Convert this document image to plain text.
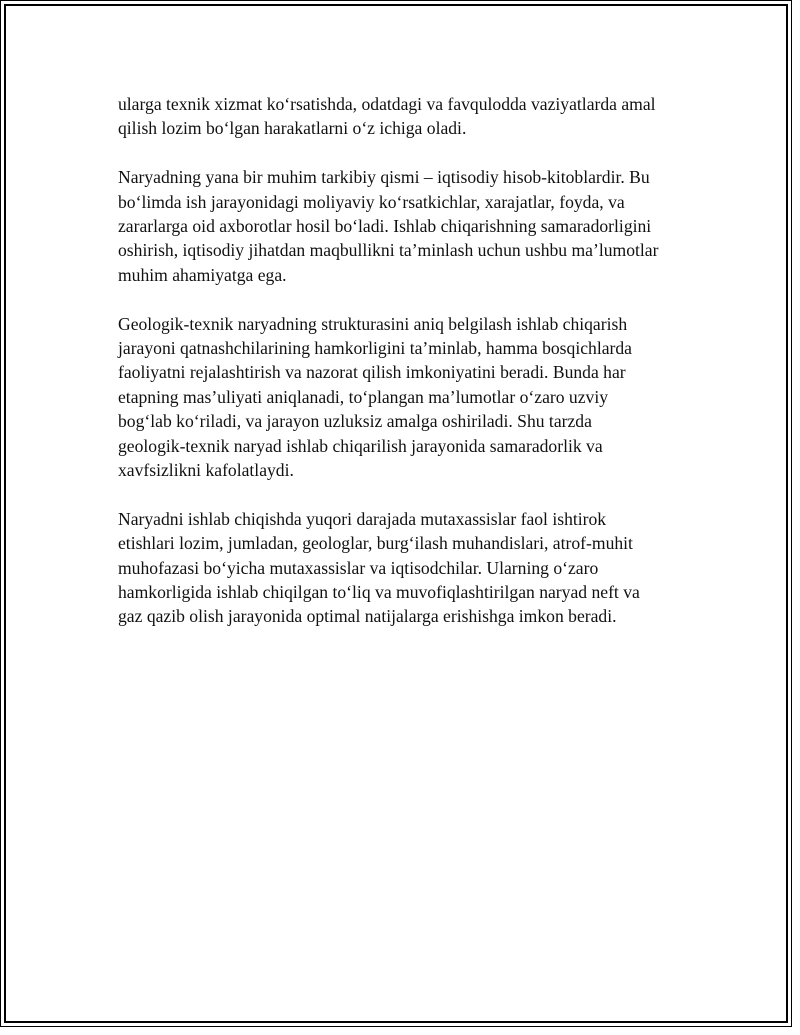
ularga texnik xizmat ko‘rsatishda, odatdagi va favqulodda vaziyatlarda amal
qilish lozim bo‘lgan harakatlarni o‘z ichiga oladi.

Naryadning yana bir muhim tarkibiy qismi – iqtisodiy hisob-kitoblardir. Bu
bo‘limda ish jarayonidagi moliyaviy ko‘rsatkichlar, xarajatlar, foyda, va
zararlarga oid axborotlar hosil bo‘ladi. Ishlab chiqarishning samaradorligini
oshirish, iqtisodiy jihatdan maqbullikni ta’minlash uchun ushbu ma’lumotlar
muhim ahamiyatga ega.

Geologik-texnik naryadning strukturasini aniq belgilash ishlab chiqarish
jarayoni qatnashchilarining hamkorligini ta’minlab, hamma bosqichlarda
faoliyatni rejalashtirish va nazorat qilish imkoniyatini beradi. Bunda har
etapning mas’uliyati aniqlanadi, to‘plangan ma’lumotlar o‘zaro uzviy
bog‘lab ko‘riladi, va jarayon uzluksiz amalga oshiriladi. Shu tarzda
geologik-texnik naryad ishlab chiqarilish jarayonida samaradorlik va
xavfsizlikni kafolatlaydi.

Naryadni ishlab chiqishda yuqori darajada mutaxassislar faol ishtirok
etishlari lozim, jumladan, geologlar, burg‘ilash muhandislari, atrof-muhit
muhofazasi bo‘yicha mutaxassislar va iqtisodchilar. Ularning o‘zaro
hamkorligida ishlab chiqilgan to‘liq va muvofiqlashtirilgan naryad neft va
gaz qazib olish jarayonida optimal natijalarga erishishga imkon beradi.
